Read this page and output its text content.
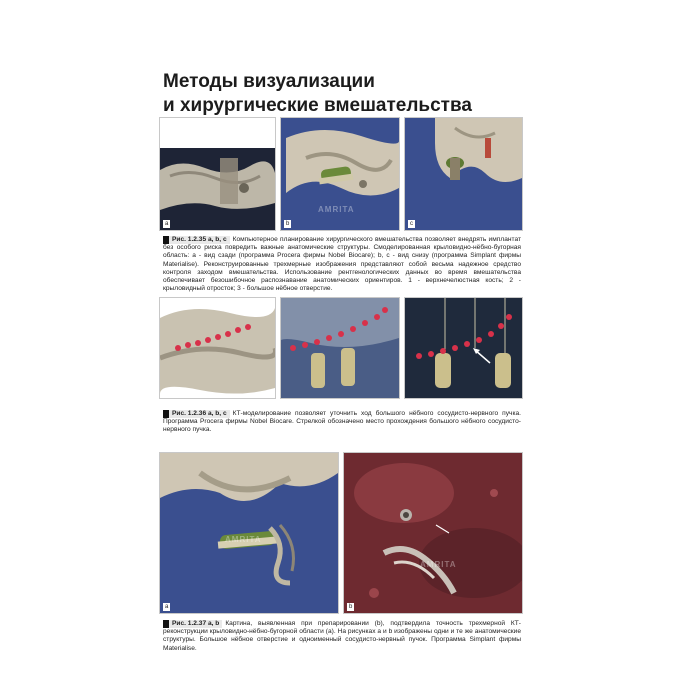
Методы визуализации
и хирургические вмешательства
a	b	c
Рис. 1.2.35 a, b, c Компьютерное планирование хирургического вмешательства позволяет внедрять имплантат без особого риска повредить важные анатомические структуры. Смоделированная крыловидно-нёбно-бугорная область: a - вид сзади (программа Procera фирмы Nobel Biocare); b, c - вид снизу (программа Simplant фирмы Materialise). Реконструированные трехмерные изображения представляют собой весьма надежное средство контроля заходом вмешательства. Использование рентгенологических данных во время вмешательства обеспечивает безошибочное распознавание анатомических ориентиров. 1 - верхнечелюстная кость; 2 - крыловидный отросток; 3 - большое нёбное отверстие.
Рис. 1.2.36 a, b, c КТ-моделирование позволяет уточнить ход большого нёбного сосудисто-нервного пучка. Программа Procera фирмы Nobel Biocare. Стрелкой обозначено место прохождения большого нёбного сосудисто-нервного пучка.
a	b
Рис. 1.2.37 a, b Картина, выявленная при препарировании (b), подтвердила точность трехмерной КТ-реконструкции крыловидно-нёбно-бугорной области (a). На рисунках a и b изображены одни и те же анатомические структуры. Большое нёбное отверстие и одноименный сосудисто-нервный пучок. Программа Simplant фирмы Materialise.
AMRITA
AMRITA
AMRITA
